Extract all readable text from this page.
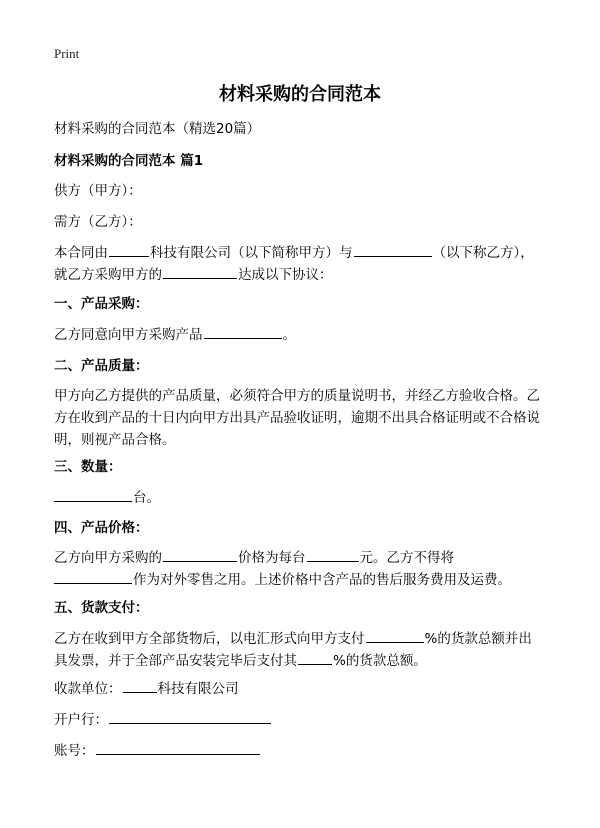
Print
材料采购的合同范本
材料采购的合同范本（精选20篇）
材料采购的合同范本 篇1
供方（甲方）：
需方（乙方）：
本合同由	科技有限公司（以下简称甲方）与	（以下称乙方），
就乙方采购甲方的	达成以下协议：
一、产品采购：
乙方同意向甲方采购产品	。
二、产品质量：
甲方向乙方提供的产品质量，必须符合甲方的质量说明书，并经乙方验收合格。乙
方在收到产品的十日内向甲方出具产品验收证明，逾期不出具合格证明或不合格说
明，则视产品合格。
三、数量：
台。
四、产品价格：
乙方向甲方采购的	价格为每台	元。乙方不得将
作为对外零售之用。上述价格中含产品的售后服务费用及运费。
五、货款支付：
乙方在收到甲方全部货物后，以电汇形式向甲方支付	%的货款总额并出
具发票，并于全部产品安装完毕后支付其	%的货款总额。
收款单位：	科技有限公司
开户行：
账号：
